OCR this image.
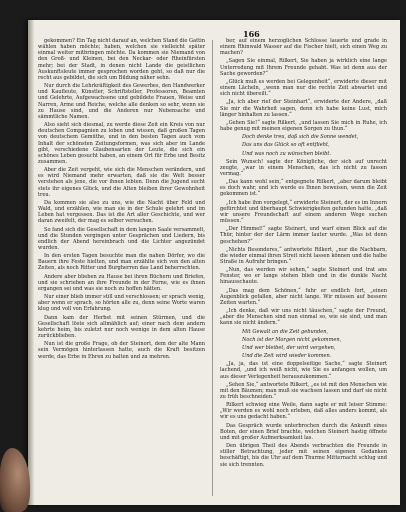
166

gekommen? Ein Tag nicht darauf an, welchen Stand die Gattin wählen haben möchte; haben, welchen sie vielleicht später einmal weiter mitbringen möchte. Da kommen sie Niemand von den Groß- und Kleinen, bei den Neckar- oder Rheinfürsten mehr; bei der Stadt, in denen nicht Lande die geistlichen Auskunftsleute immer gesprochen worden geht, so daß nur die recht aus gebildet, die sich um Bildung näher sehn.

Nur durch die Lehrkräftigkeit des Gewerbes, den Handwerker und Kaufleute, Künstler, Schriftsteller, Professoren, Beamten und Gelehrte, Aufgewachsene und gebildete Frauen, Weise und Narren, Arme und Reiche, welche alle denken so sehr, wenn sie zu Hause sind, und die Anderen nur Nebensache und sämmtliche Namen.

Also sieht sich diesmal, zu werde diese Zeit ein Kreis von nur deutschen Compagnien zu loben und wissen, daß großen Tagen von deutschem Gemüthe, und in den besten Tagen auch vom Inhalt der schönsten Zeitungsformen, was sich aber im Lande gibt, verschiedene Glaubensarten der Leute, die sich ein schönes Leben gesucht haben, an einem Ort für Erbe und Besitz zusammen.

Aber die Zeit vergeht, wie sich die Menschen verändern, und es wird Niemand mehr erwarten, daß sie die Welt besser verstehen als jene, die vor ihnen lebten. Denn die Jugend sucht stets ihr eigenes Glück, und die Alten bleiben ihrer Gewohnheit treu.

Da kommen sie also zu uns, wie die Nacht über Feld und Wald, und erzählen, wie man sie in der Schule gelehrt und im Leben hat vergessen. Das ist die Art aller Geschichte, und wer daran zweifelt, der mag es selber versuchen.

So fand sich die Gesellschaft in dem langen Saale versammelt, und die Stunden vergingen unter Gesprächen und Liedern, bis endlich der Abend hereinbrach und die Lichter angezündet wurden.

In den ersten Tagen besuchte man die nahen Dörfer, wo die Bauern ihre Feste hielten, und man erzählte sich von den alten Zeiten, als noch Ritter und Burgherren das Land beherrschten.

Andere aber blieben zu Hause bei ihren Büchern und Briefen, und sie schrieben an ihre Freunde in der Ferne, wie es ihnen ergangen sei und was sie noch zu hoffen hätten.

Nur einer blieb immer still und verschlossen; er sprach wenig, aber wenn er sprach, so hörten alle zu, denn seine Worte waren klug und voll von Erfahrung.

Dann kam der Herbst mit seinen Stürmen, und die Gesellschaft löste sich allmählich auf; einer nach dem andern kehrte heim, bis zuletzt nur noch wenige in dem alten Hause zurückblieben.

Nun ist die große Frage, ob der Steinort, dem der alte Mann sein Vermögen hinterlassen hatte, auch die Kraft besitzen werde, das Erbe in Ehren zu halten und zu mehren.

ber, auf einem herzoglichen Schlosse lauerte und grade in einem Rhinwald Wasser auf die Fischer hielt, sich einen Weg zu machen?

„Sagen Sie einmal, Rilkert, Sie haben ja wirklich eine lange Unterredung mit Ihrem Freunde gehabt. Was ist denn aus der Sache geworden?“

„Glück muß es werden bei Gelegenheit“, erwiderte dieser mit einem Lächeln, „wenn man nur die rechte Zeit abwartet und sich nicht übereilt.“

„Ja, ich aber rief der Steinhart“, erwiderte der Andere, „daß Sie mir die Wahrheit sagen, denn ich habe keine Lust, mich länger hinhalten zu lassen.“

„Gehen Sie!“ sagte Rilkert, „und lassen Sie mich in Ruhe, ich habe genug mit meinen eigenen Sorgen zu thun.“

Doch denke treu, daß sich die Sonne wendet,

Das uns das Glück so oft entflieht,

Und was noch zu wünschen bleibt.

Sein Wunsch! sagte der Königliche, der sich auf unrecht zeugte, „war in einem Menschen, das ich nicht zu fassen vermag.“

„Das kann wohl sein,“ entgegnete Rilkert, „aber darum bleibt es doch wahr, und ich werde es Ihnen beweisen, wenn die Zeit gekommen ist.“

„Ich habe ihm vorgelegt,“ erwiderte Steinert, der es im Innern gefürchtet und überhaupt Schwierigkeiten gefunden hatte, „daß wir unsere Freundschaft auf einem anderen Wege suchen müssen.“

„Der Himmel!“ sagte Steinert, und warf einen Blick auf die Thür, hinter der der Lärm immer lauter wurde. „Was ist denn geschehen?“

„Nichts Besonderes,“ antwortete Rilkert, „nur die Nachbarn, die wieder einmal ihren Streit nicht lassen können und die halbe Straße in Aufruhr bringen.“

„Nun, das werden wir sehen,“ sagte Steinert und trat ans Fenster, wo er lange stehen blieb und in die dunkle Nacht hinausschaute.

„Das mag dem Schönen,“ fuhr er endlich fort, „einen Augenblick gefallen, aber nicht lange. Wir müssen auf bessere Zeiten warten.“

„Ich denke, daß wir uns nicht täuschen,“ sagte der Freund, „aber die Menschen sind nun einmal so, wie sie sind, und man kann sie nicht ändern.“

Mit Gewalt an die Zeit gebunden,

Noch ist der Morgen nicht gekommen,

Und wer bleibet, der wird vergehen,

Und die Zeit wird wieder kommen.

„Ja, ja, das ist eine doppelseitige Sache,“ sagte Steinert lachend, „und ich weiß nicht, wie Sie es anfangen wollen, um aus dieser Verlegenheit herauszukommen.“

„Sehen Sie,“ antwortete Rilkert, „es ist mit den Menschen wie mit den Bäumen; man muß sie wachsen lassen und darf sie nicht zu früh beschneiden.“

Rilkert schwieg eine Weile, dann sagte er mit leiser Stimme: „Wir werden es wohl noch erleben, daß alles anders kommt, als wir es uns gedacht haben.“

Das Gespräch wurde unterbrochen durch die Ankunft eines Boten, der einen Brief brachte, welchen Steinert hastig öffnete und mit großer Aufmerksamkeit las.

Den übrigen Theil des Abends verbrachten die Freunde in stiller Betrachtung, jeder mit seinen eigenen Gedanken beschäftigt, bis die Uhr auf dem Thurme Mitternacht schlug und sie sich trennten.
